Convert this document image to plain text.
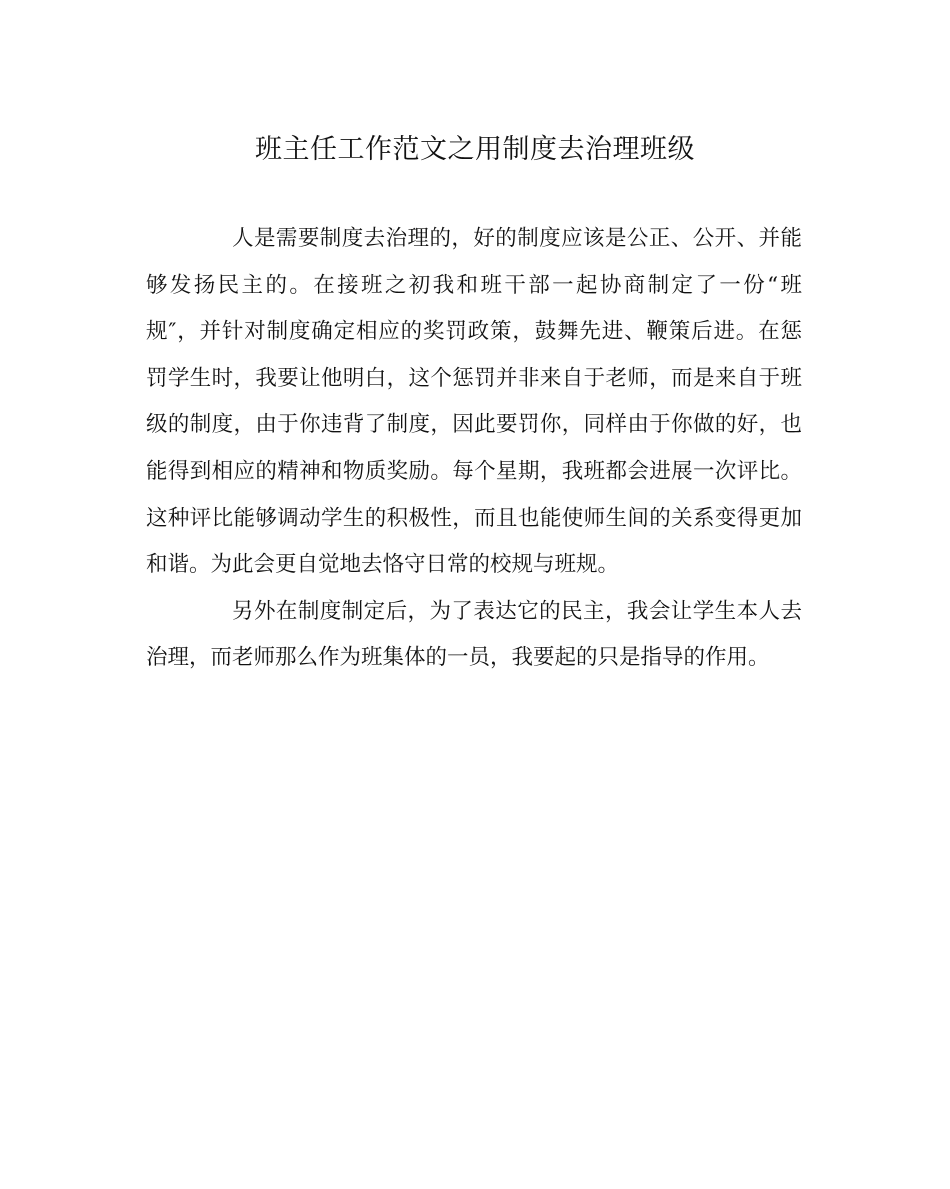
班主任工作范文之用制度去治理班级
人是需要制度去治理的，好的制度应该是公正、公开、并能
够发扬民主的。在接班之初我和班干部一起协商制定了一份“班
规″，并针对制度确定相应的奖罚政策，鼓舞先进、鞭策后进。在惩
罚学生时，我要让他明白，这个惩罚并非来自于老师，而是来自于班
级的制度，由于你违背了制度，因此要罚你，同样由于你做的好，也
能得到相应的精神和物质奖励。每个星期，我班都会进展一次评比。
这种评比能够调动学生的积极性，而且也能使师生间的关系变得更加
和谐。为此会更自觉地去恪守日常的校规与班规。
另外在制度制定后，为了表达它的民主，我会让学生本人去
治理，而老师那么作为班集体的一员，我要起的只是指导的作用。
